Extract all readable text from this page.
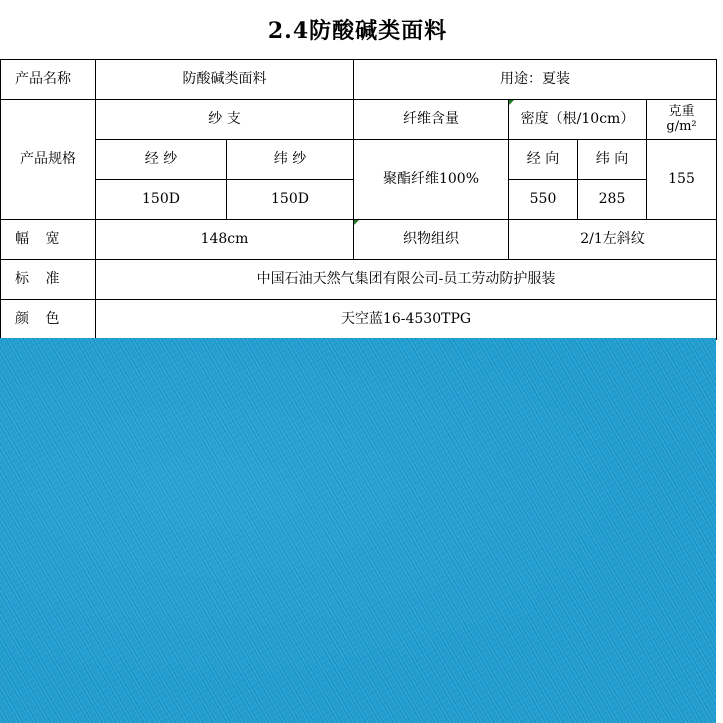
2.4防酸碱类面料
产品名称	防酸碱类面料		用途：夏装			
产品规格	纱 支		纤维含量	密度（根/10cm）		克重
g/m²
	经 纱	纬 纱	聚酯纤维100%	经 向	纬 向	155
	150D	150D		550	285	
幅 宽	148cm		织物组织	2/1左斜纹		
标 准	中国石油天然气集团有限公司-员工劳动防护服装					
颜 色	天空蓝16-4530TPG					
